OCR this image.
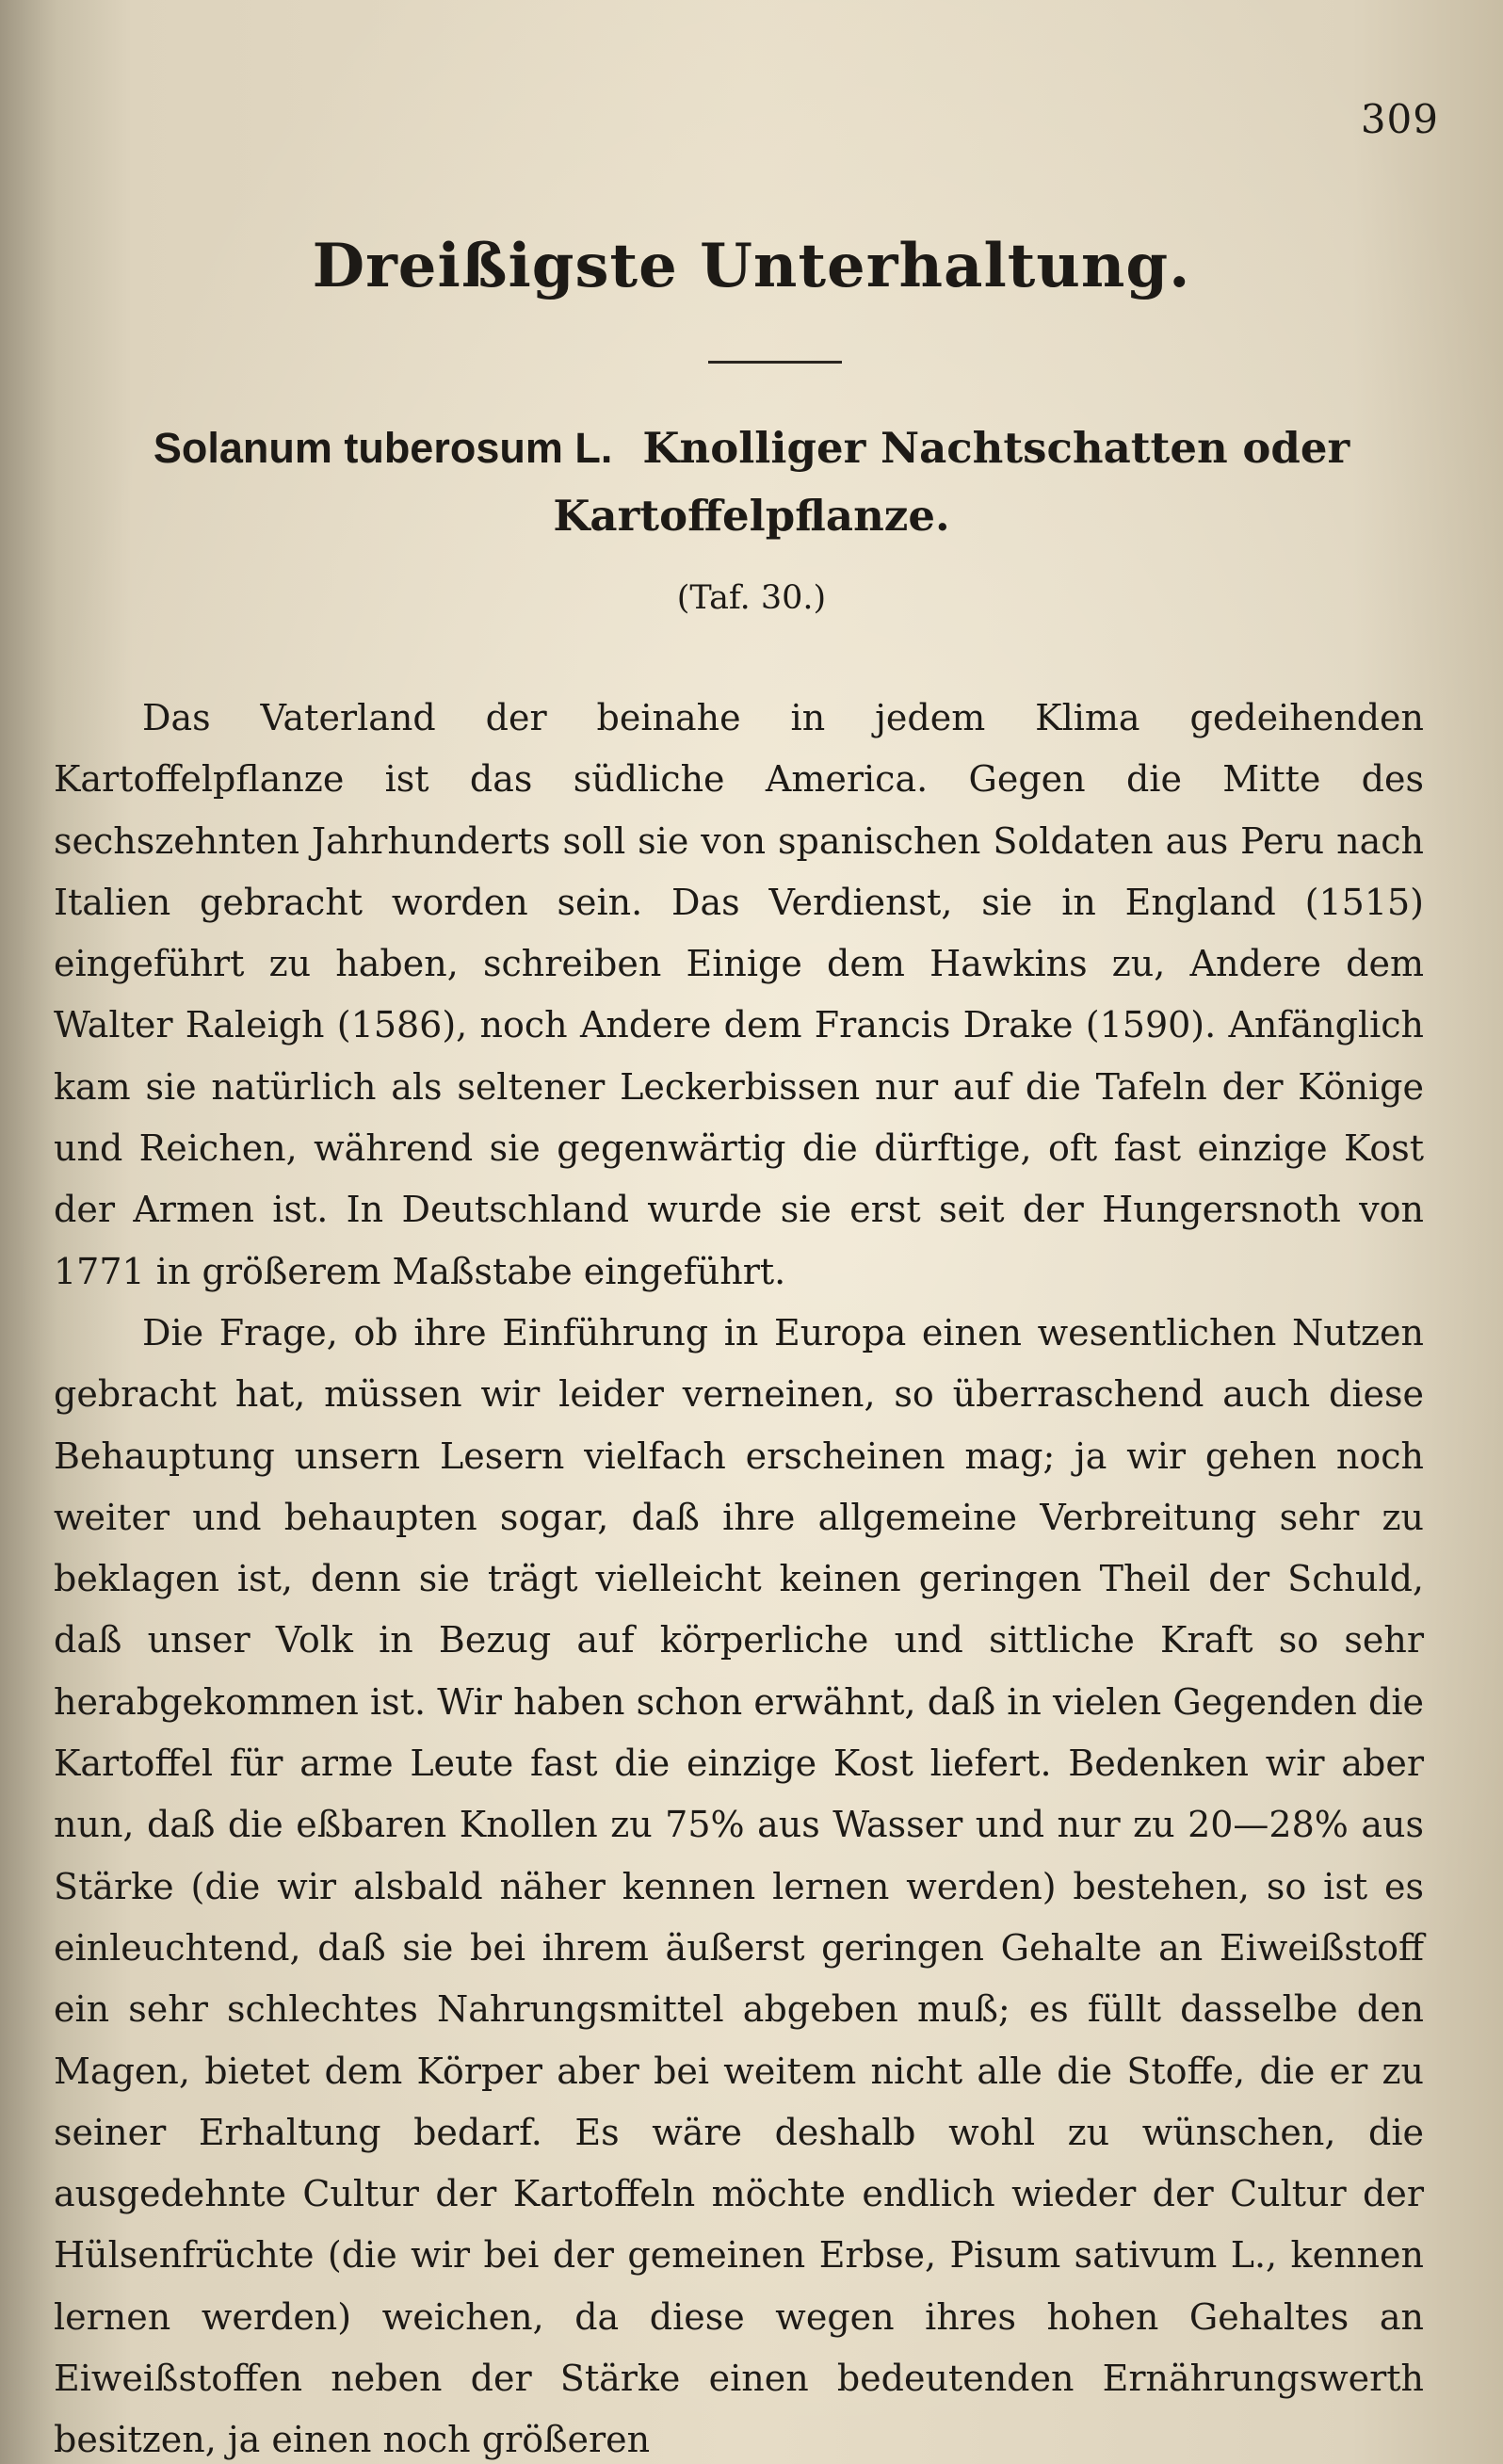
309
Dreißigste Unterhaltung.
Solanum tuberosum L. Knolliger Nachtschatten oder Kartoffelpflanze.
(Taf. 30.)

Das Vaterland der beinahe in jedem Klima gedeihenden Kartoffelpflanze ist das südliche America. Gegen die Mitte des sechszehnten Jahrhunderts soll sie von spanischen Soldaten aus Peru nach Italien gebracht worden sein. Das Verdienst, sie in England (1515) eingeführt zu haben, schreiben Einige dem Hawkins zu, Andere dem Walter Raleigh (1586), noch Andere dem Francis Drake (1590). Anfänglich kam sie natürlich als seltener Leckerbissen nur auf die Tafeln der Könige und Reichen, während sie gegenwärtig die dürftige, oft fast einzige Kost der Armen ist. In Deutschland wurde sie erst seit der Hungersnoth von 1771 in größerem Maßstabe eingeführt.

Die Frage, ob ihre Einführung in Europa einen wesentlichen Nutzen gebracht hat, müssen wir leider verneinen, so überraschend auch diese Behauptung unsern Lesern vielfach erscheinen mag; ja wir gehen noch weiter und behaupten sogar, daß ihre allgemeine Verbreitung sehr zu beklagen ist, denn sie trägt vielleicht keinen geringen Theil der Schuld, daß unser Volk in Bezug auf körperliche und sittliche Kraft so sehr herabgekommen ist. Wir haben schon erwähnt, daß in vielen Gegenden die Kartoffel für arme Leute fast die einzige Kost liefert. Bedenken wir aber nun, daß die eßbaren Knollen zu 75% aus Wasser und nur zu 20—28% aus Stärke (die wir alsbald näher kennen lernen werden) bestehen, so ist es einleuchtend, daß sie bei ihrem äußerst geringen Gehalte an Eiweißstoff ein sehr schlechtes Nahrungsmittel abgeben muß; es füllt dasselbe den Magen, bietet dem Körper aber bei weitem nicht alle die Stoffe, die er zu seiner Erhaltung bedarf. Es wäre deshalb wohl zu wünschen, die ausgedehnte Cultur der Kartoffeln möchte endlich wieder der Cultur der Hülsenfrüchte (die wir bei der gemeinen Erbse, Pisum sativum L., kennen lernen werden) weichen, da diese wegen ihres hohen Gehaltes an Eiweißstoffen neben der Stärke einen bedeutenden Ernährungswerth besitzen, ja einen noch größeren
